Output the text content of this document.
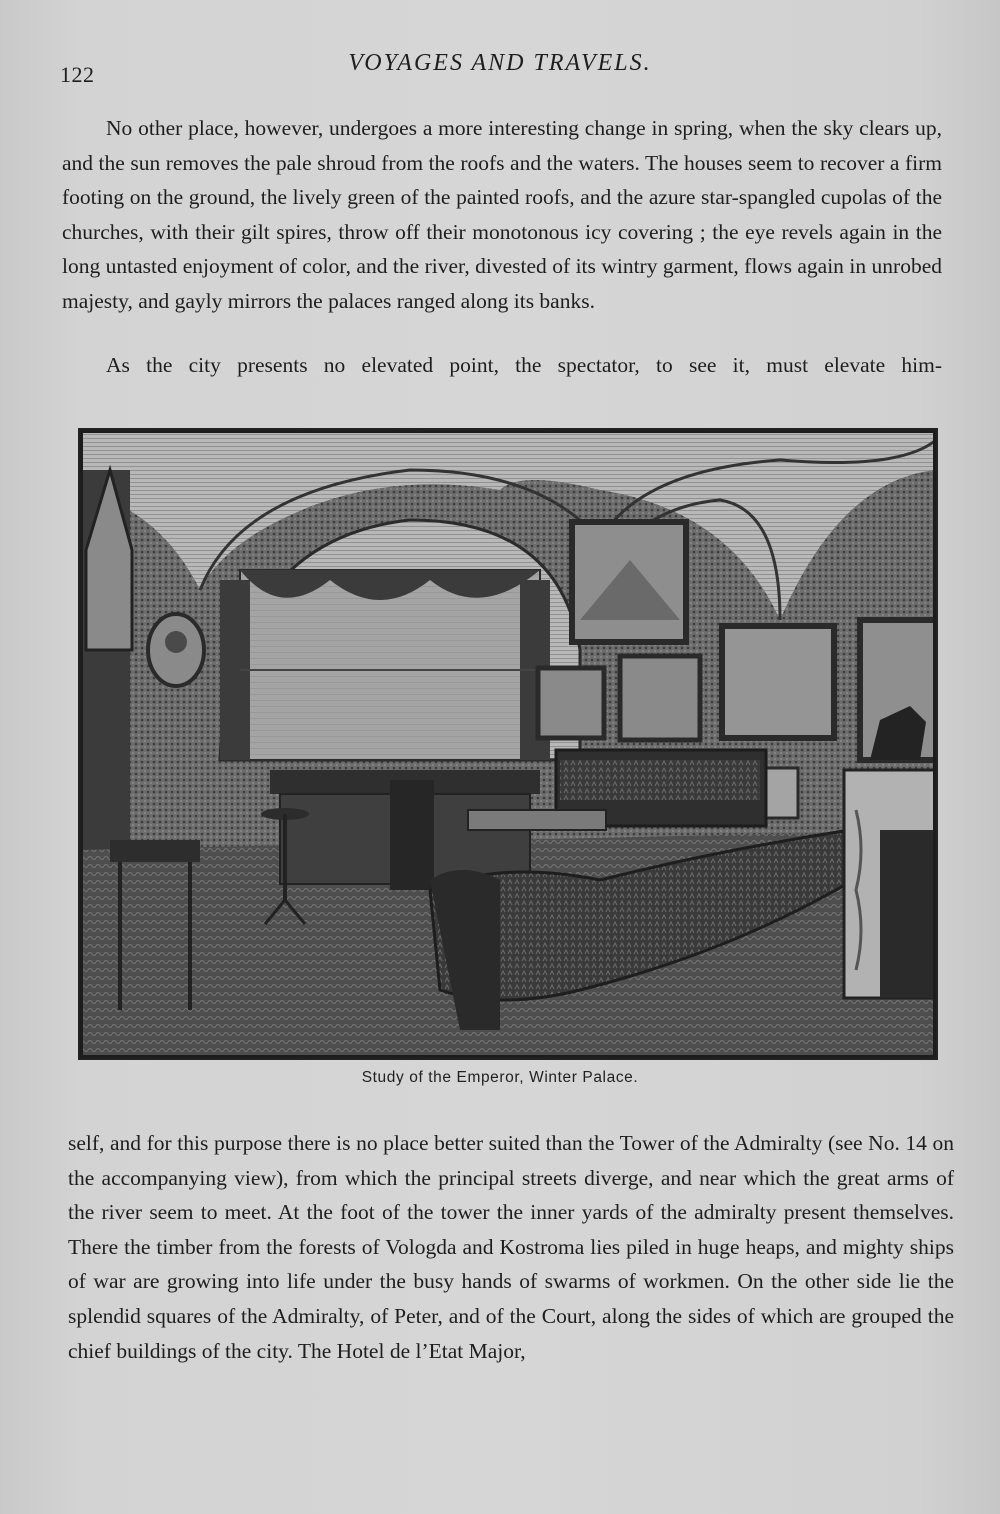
122	VOYAGES AND TRAVELS.

No other place, however, undergoes a more interesting change in spring, when the sky clears up, and the sun removes the pale shroud from the roofs and the waters. The houses seem to recover a firm footing on the ground, the lively green of the painted roofs, and the azure star-spangled cupolas of the churches, with their gilt spires, throw off their monotonous icy covering ; the eye revels again in the long untasted enjoyment of color, and the river, divested of its wintry garment, flows again in unrobed majesty, and gayly mirrors the palaces ranged along its banks.

As the city presents no elevated point, the spectator, to see it, must elevate him-

Study of the Emperor, Winter Palace.

self, and for this purpose there is no place better suited than the Tower of the Admiralty (see No. 14 on the accompanying view), from which the principal streets diverge, and near which the great arms of the river seem to meet. At the foot of the tower the inner yards of the admiralty present themselves. There the timber from the forests of Vologda and Kostroma lies piled in huge heaps, and mighty ships of war are growing into life under the busy hands of swarms of workmen. On the other side lie the splendid squares of the Admiralty, of Peter, and of the Court, along the sides of which are grouped the chief buildings of the city. The Hotel de l’Etat Major,
